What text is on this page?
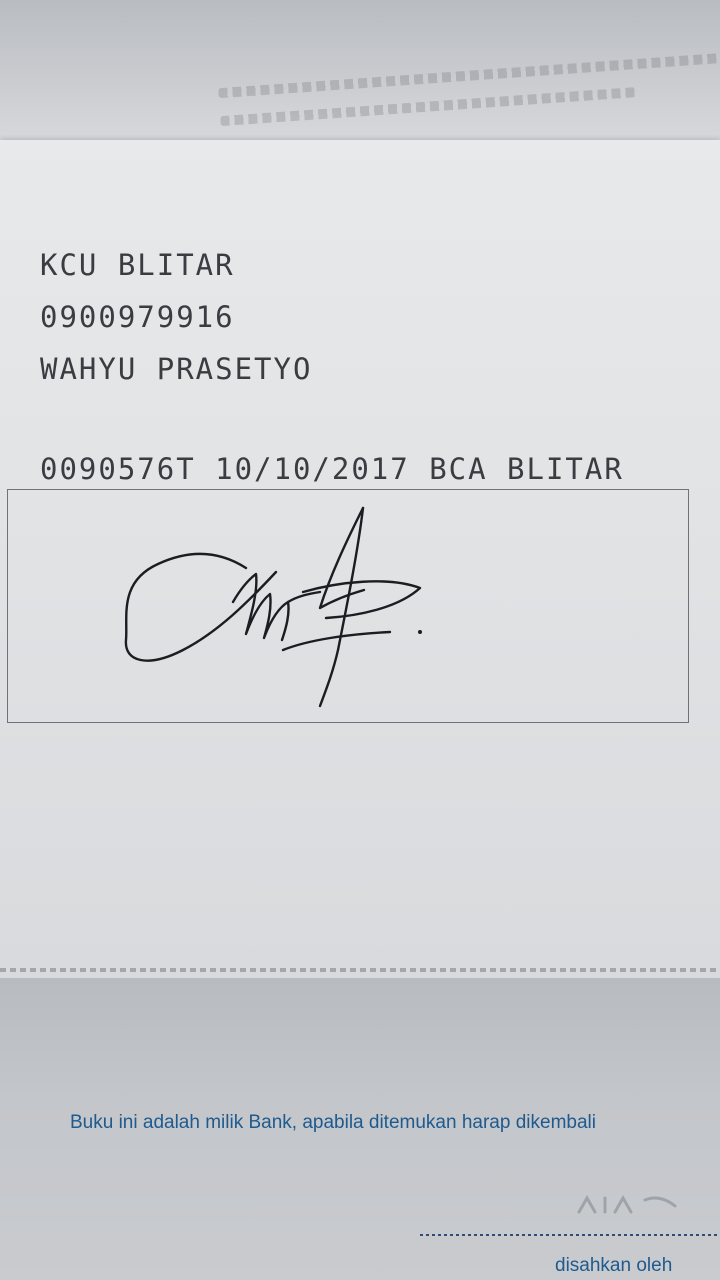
KCU BLITAR
0900979916
WAHYU PRASETYO
0090576T 10/10/2017 BCA BLITAR
Buku ini adalah milik Bank, apabila ditemukan harap dikembali
disahkan oleh
